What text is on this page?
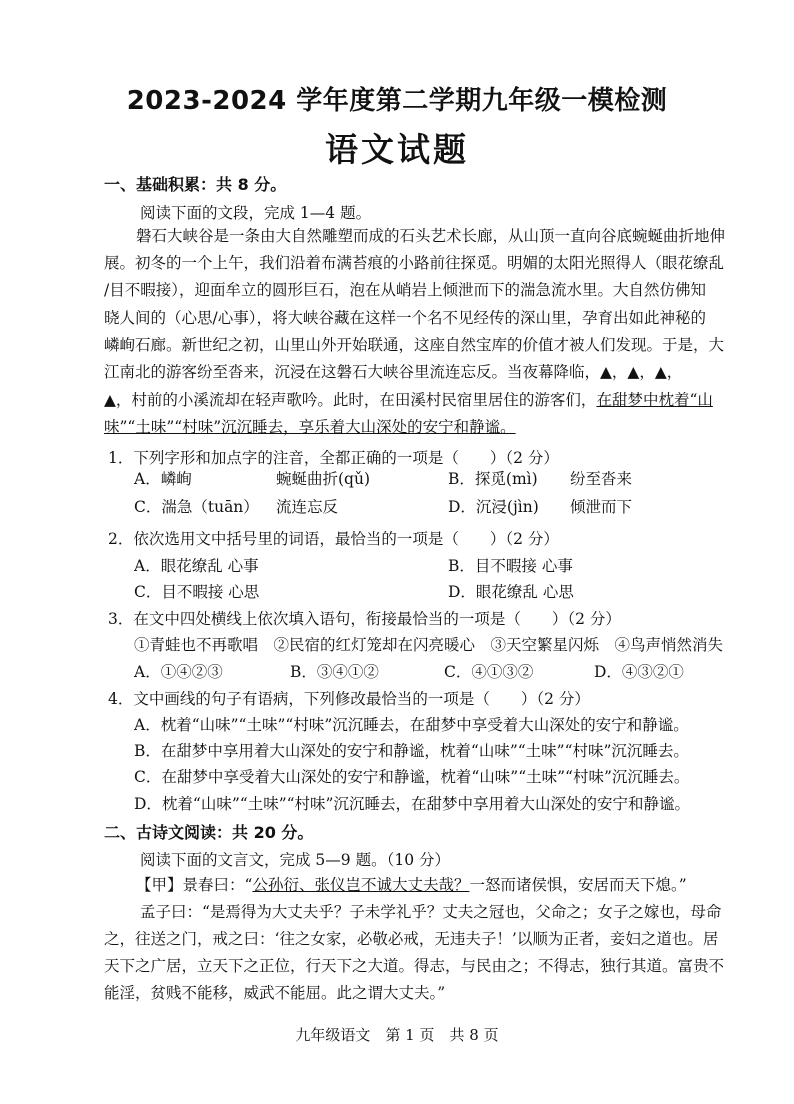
2023-2024 学年度第二学期九年级一模检测
语文试题
一、基础积累：共 8 分。
阅读下面的文段，完成 1—4 题。
磐石大峡谷是一条由大自然雕塑而成的石头艺术长廊，从山顶一直向谷底蜿蜒曲折地伸
展。初冬的一个上午，我们沿着布满苔痕的小路前往探觅。明媚的太阳光照得人（眼花缭乱
/目不暇接），迎面牟立的圆形巨石，泡在从峭岩上倾泄而下的湍急流水里。大自然仿佛知
晓人间的（心思/心事），将大峡谷藏在这样一个名不见经传的深山里，孕育出如此神秘的
嶙峋石廊。新世纪之初，山里山外开始联通，这座自然宝库的价值才被人们发现。于是，大
江南北的游客纷至沓来，沉浸在这磐石大峡谷里流连忘反。当夜幕降临，▲，▲，▲，
▲，村前的小溪流却在轻声歌吟。此时，在田溪村民宿里居住的游客们，在甜梦中枕着“山
味”“土味”“村味”沉沉睡去，享乐着大山深处的安宁和静谧。
1．下列字形和加点字的注音，全都正确的一项是（　　）（2 分）
A．嶙峋	蜿蜒曲折(qǔ)	B．探觅(mì) 纷至沓来
C．湍急（tuān） 流连忘反	D．沉浸(jìn) 倾泄而下
2．依次选用文中括号里的词语，最恰当的一项是（　　）（2 分）
A．眼花缭乱 心事	B．目不暇接 心事
C．目不暇接 心思	D．眼花缭乱 心思
3．在文中四处横线上依次填入语句，衔接最恰当的一项是（　　）（2 分）
①青蛙也不再歌唱　②民宿的红灯笼却在闪亮暖心　③天空繁星闪烁　④鸟声悄然消失
A．①④②③	B．③④①②	C．④①③②	D．④③②①
4．文中画线的句子有语病，下列修改最恰当的一项是（　　）（2 分）
A．枕着“山味”“土味”“村味”沉沉睡去，在甜梦中享受着大山深处的安宁和静谧。
B．在甜梦中享用着大山深处的安宁和静谧，枕着“山味”“土味”“村味”沉沉睡去。
C．在甜梦中享受着大山深处的安宁和静谧，枕着“山味”“土味”“村味”沉沉睡去。
D．枕着“山味”“土味”“村味”沉沉睡去，在甜梦中享用着大山深处的安宁和静谧。
二、古诗文阅读：共 20 分。
阅读下面的文言文，完成 5—9 题。（10 分）
【甲】景春曰：“公孙衍、张仪岂不诚大丈夫哉？一怒而诸侯惧，安居而天下熄。”
孟子曰：“是焉得为大丈夫乎？子未学礼乎？丈夫之冠也，父命之；女子之嫁也，母命
之，往送之门，戒之曰：‘往之女家，必敬必戒，无违夫子！’以顺为正者，妾妇之道也。居
天下之广居，立天下之正位，行天下之大道。得志，与民由之；不得志，独行其道。富贵不
能淫，贫贱不能移，威武不能屈。此之谓大丈夫。”
九年级语文　第 1 页　共 8 页
